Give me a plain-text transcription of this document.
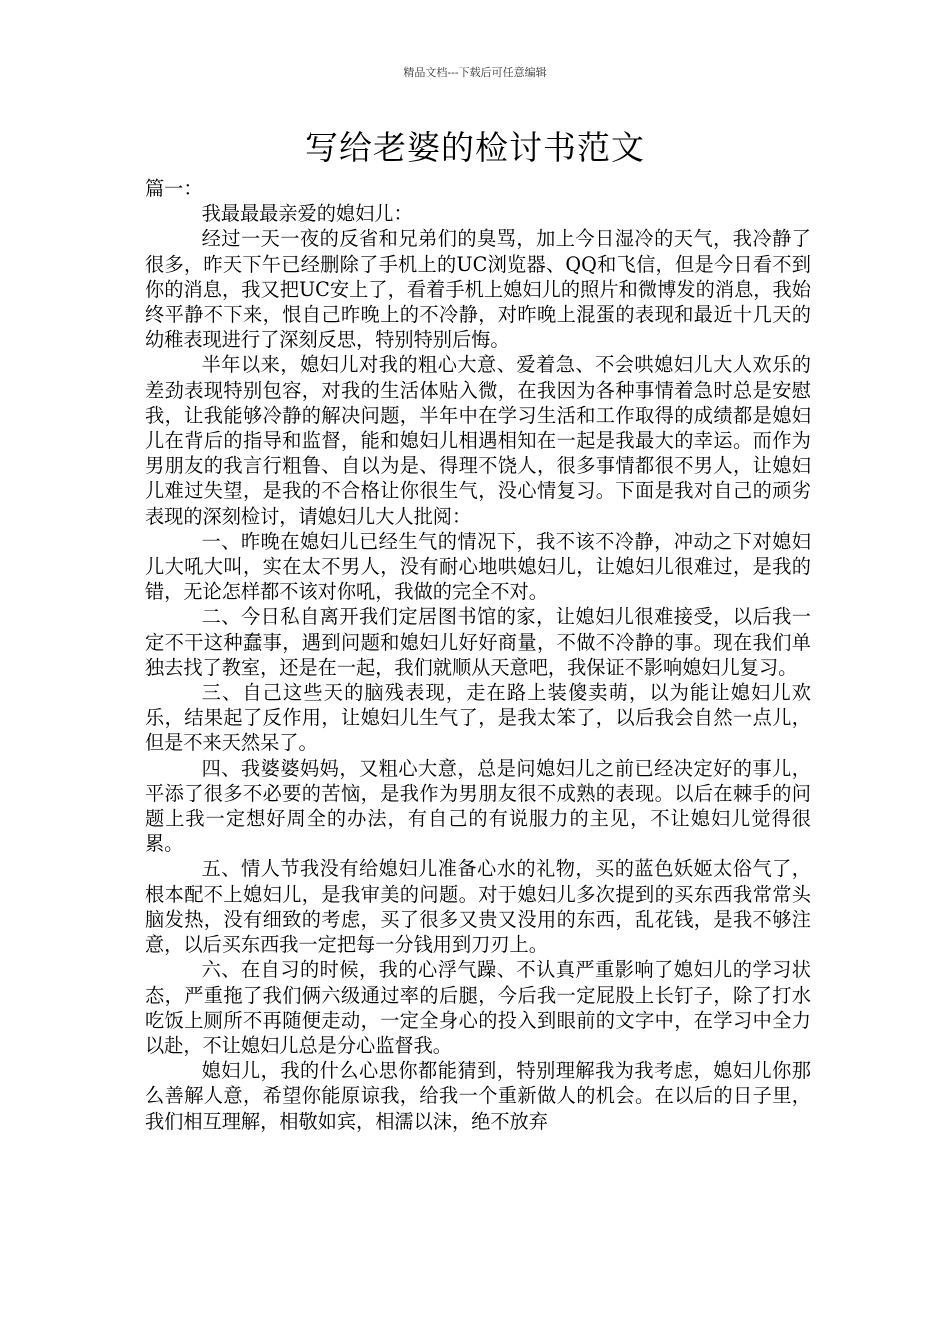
精品文档---下载后可任意编辑
写给老婆的检讨书范文

篇一：

我最最最亲爱的媳妇儿：

经过一天一夜的反省和兄弟们的臭骂，加上今日湿冷的天气，我冷静了很多，昨天下午已经删除了手机上的UC浏览器、QQ和飞信，但是今日看不到你的消息，我又把UC安上了，看着手机上媳妇儿的照片和微博发的消息，我始终平静不下来，恨自己昨晚上的不冷静，对昨晚上混蛋的表现和最近十几天的幼稚表现进行了深刻反思，特别特别后悔。

半年以来，媳妇儿对我的粗心大意、爱着急、不会哄媳妇儿大人欢乐的差劲表现特别包容，对我的生活体贴入微，在我因为各种事情着急时总是安慰我，让我能够冷静的解决问题，半年中在学习生活和工作取得的成绩都是媳妇儿在背后的指导和监督，能和媳妇儿相遇相知在一起是我最大的幸运。而作为男朋友的我言行粗鲁、自以为是、得理不饶人，很多事情都很不男人，让媳妇儿难过失望，是我的不合格让你很生气，没心情复习。下面是我对自己的顽劣表现的深刻检讨，请媳妇儿大人批阅：

一、昨晚在媳妇儿已经生气的情况下，我不该不冷静，冲动之下对媳妇儿大吼大叫，实在太不男人，没有耐心地哄媳妇儿，让媳妇儿很难过，是我的错，无论怎样都不该对你吼，我做的完全不对。

二、今日私自离开我们定居图书馆的家，让媳妇儿很难接受，以后我一定不干这种蠢事，遇到问题和媳妇儿好好商量，不做不冷静的事。现在我们单独去找了教室，还是在一起，我们就顺从天意吧，我保证不影响媳妇儿复习。

三、自己这些天的脑残表现，走在路上装傻卖萌，以为能让媳妇儿欢乐，结果起了反作用，让媳妇儿生气了，是我太笨了，以后我会自然一点儿，但是不来天然呆了。

四、我婆婆妈妈，又粗心大意，总是问媳妇儿之前已经决定好的事儿，平添了很多不必要的苦恼，是我作为男朋友很不成熟的表现。以后在棘手的问题上我一定想好周全的办法，有自己的有说服力的主见，不让媳妇儿觉得很累。

五、情人节我没有给媳妇儿准备心水的礼物，买的蓝色妖姬太俗气了，根本配不上媳妇儿，是我审美的问题。对于媳妇儿多次提到的买东西我常常头脑发热，没有细致的考虑，买了很多又贵又没用的东西，乱花钱，是我不够注意，以后买东西我一定把每一分钱用到刀刃上。

六、在自习的时候，我的心浮气躁、不认真严重影响了媳妇儿的学习状态，严重拖了我们俩六级通过率的后腿，今后我一定屁股上长钉子，除了打水吃饭上厕所不再随便走动，一定全身心的投入到眼前的文字中，在学习中全力以赴，不让媳妇儿总是分心监督我。

媳妇儿，我的什么心思你都能猜到，特别理解我为我考虑，媳妇儿你那么善解人意，希望你能原谅我，给我一个重新做人的机会。在以后的日子里，我们相互理解，相敬如宾，相濡以沫，绝不放弃
